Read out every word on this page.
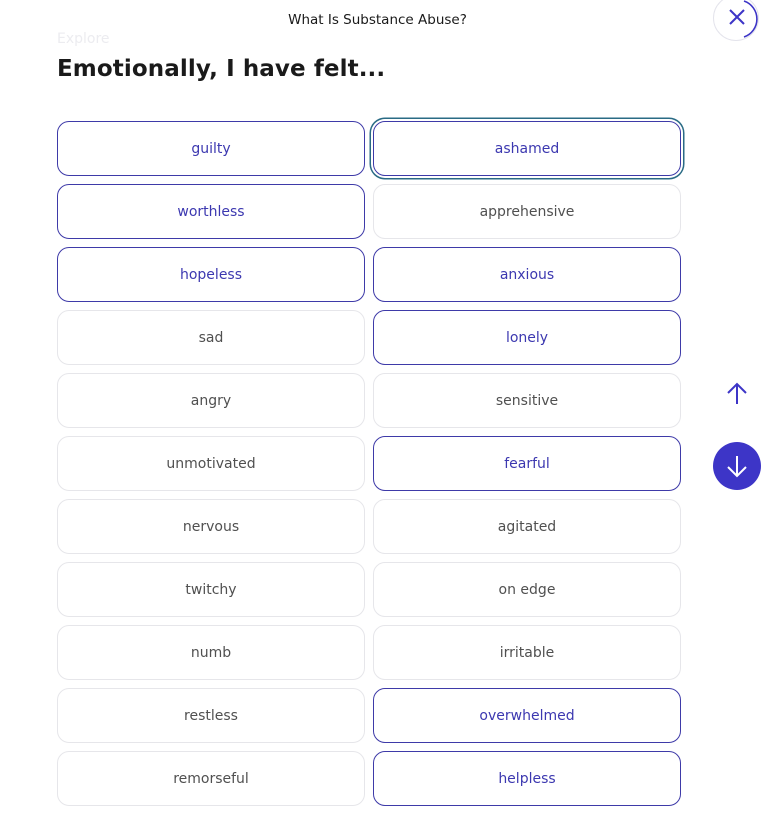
What Is Substance Abuse?
Explore
Emotionally, I have felt...
guilty	ashamed
worthless	apprehensive
hopeless	anxious
sad	lonely
angry	sensitive
unmotivated	fearful
nervous	agitated
twitchy	on edge
numb	irritable
restless	overwhelmed
remorseful	helpless
